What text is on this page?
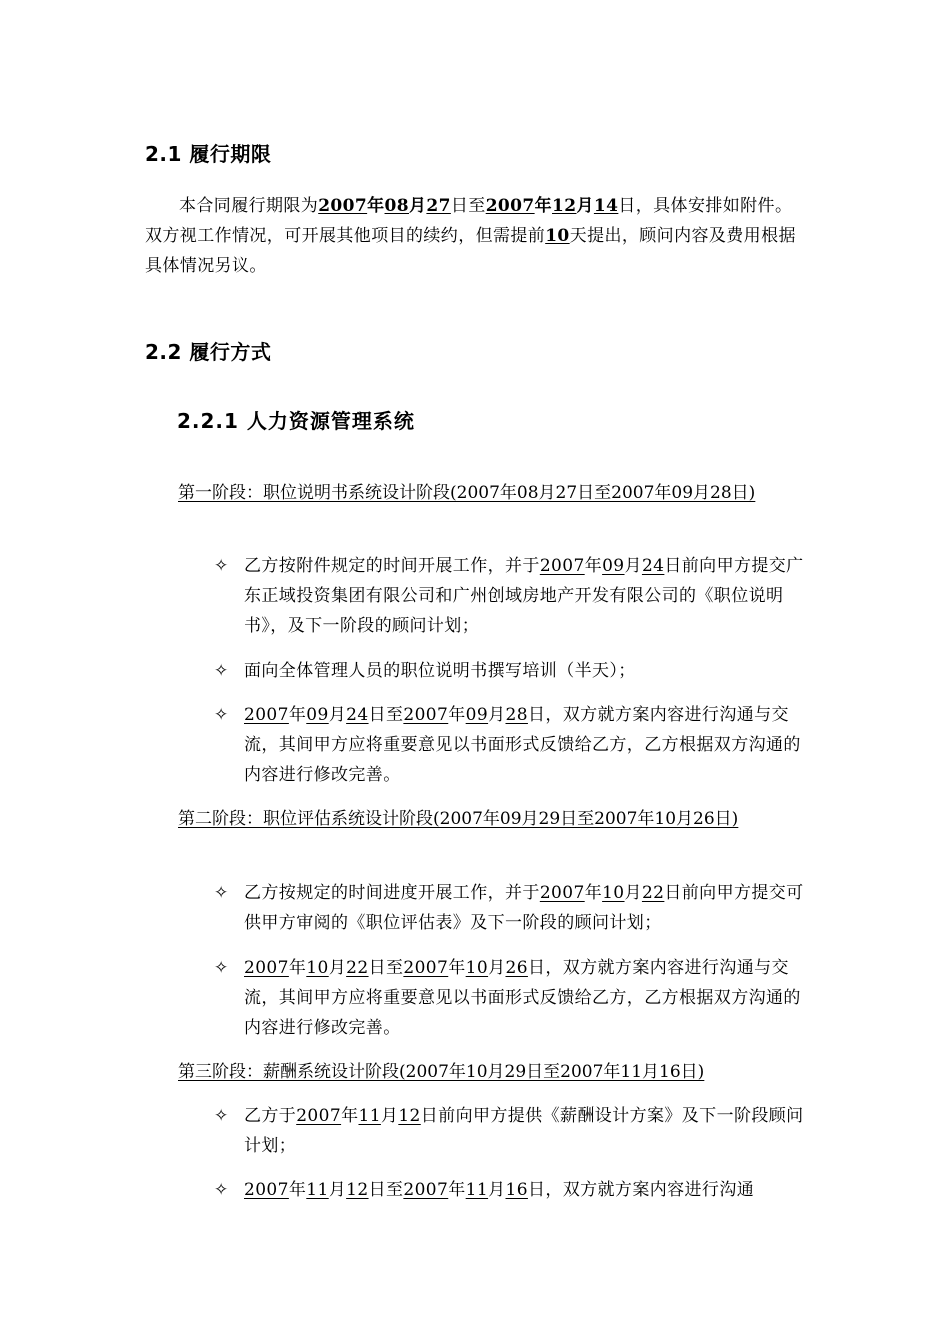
2.1 履行期限
本合同履行期限为2007年08月27日至2007年12月14日，具体安排如附件。双方视工作情况，可开展其他项目的续约，但需提前10天提出，顾问内容及费用根据具体情况另议。
2.2 履行方式
2.2.1 人力资源管理系统
第一阶段：职位说明书系统设计阶段(2007年08月27日至2007年09月28日)
✧ 乙方按附件规定的时间开展工作，并于2007年09月24日前向甲方提交广东正域投资集团有限公司和广州创域房地产开发有限公司的《职位说明书》，及下一阶段的顾问计划；
✧ 面向全体管理人员的职位说明书撰写培训（半天）；
✧ 2007年09月24日至2007年09月28日，双方就方案内容进行沟通与交流，其间甲方应将重要意见以书面形式反馈给乙方，乙方根据双方沟通的内容进行修改完善。
第二阶段：职位评估系统设计阶段(2007年09月29日至2007年10月26日)
✧ 乙方按规定的时间进度开展工作，并于2007年10月22日前向甲方提交可供甲方审阅的《职位评估表》及下一阶段的顾问计划；
✧ 2007年10月22日至2007年10月26日，双方就方案内容进行沟通与交流，其间甲方应将重要意见以书面形式反馈给乙方，乙方根据双方沟通的内容进行修改完善。
第三阶段：薪酬系统设计阶段(2007年10月29日至2007年11月16日)
✧ 乙方于2007年11月12日前向甲方提供《薪酬设计方案》及下一阶段顾问计划；
✧ 2007年11月12日至2007年11月16日，双方就方案内容进行沟通
